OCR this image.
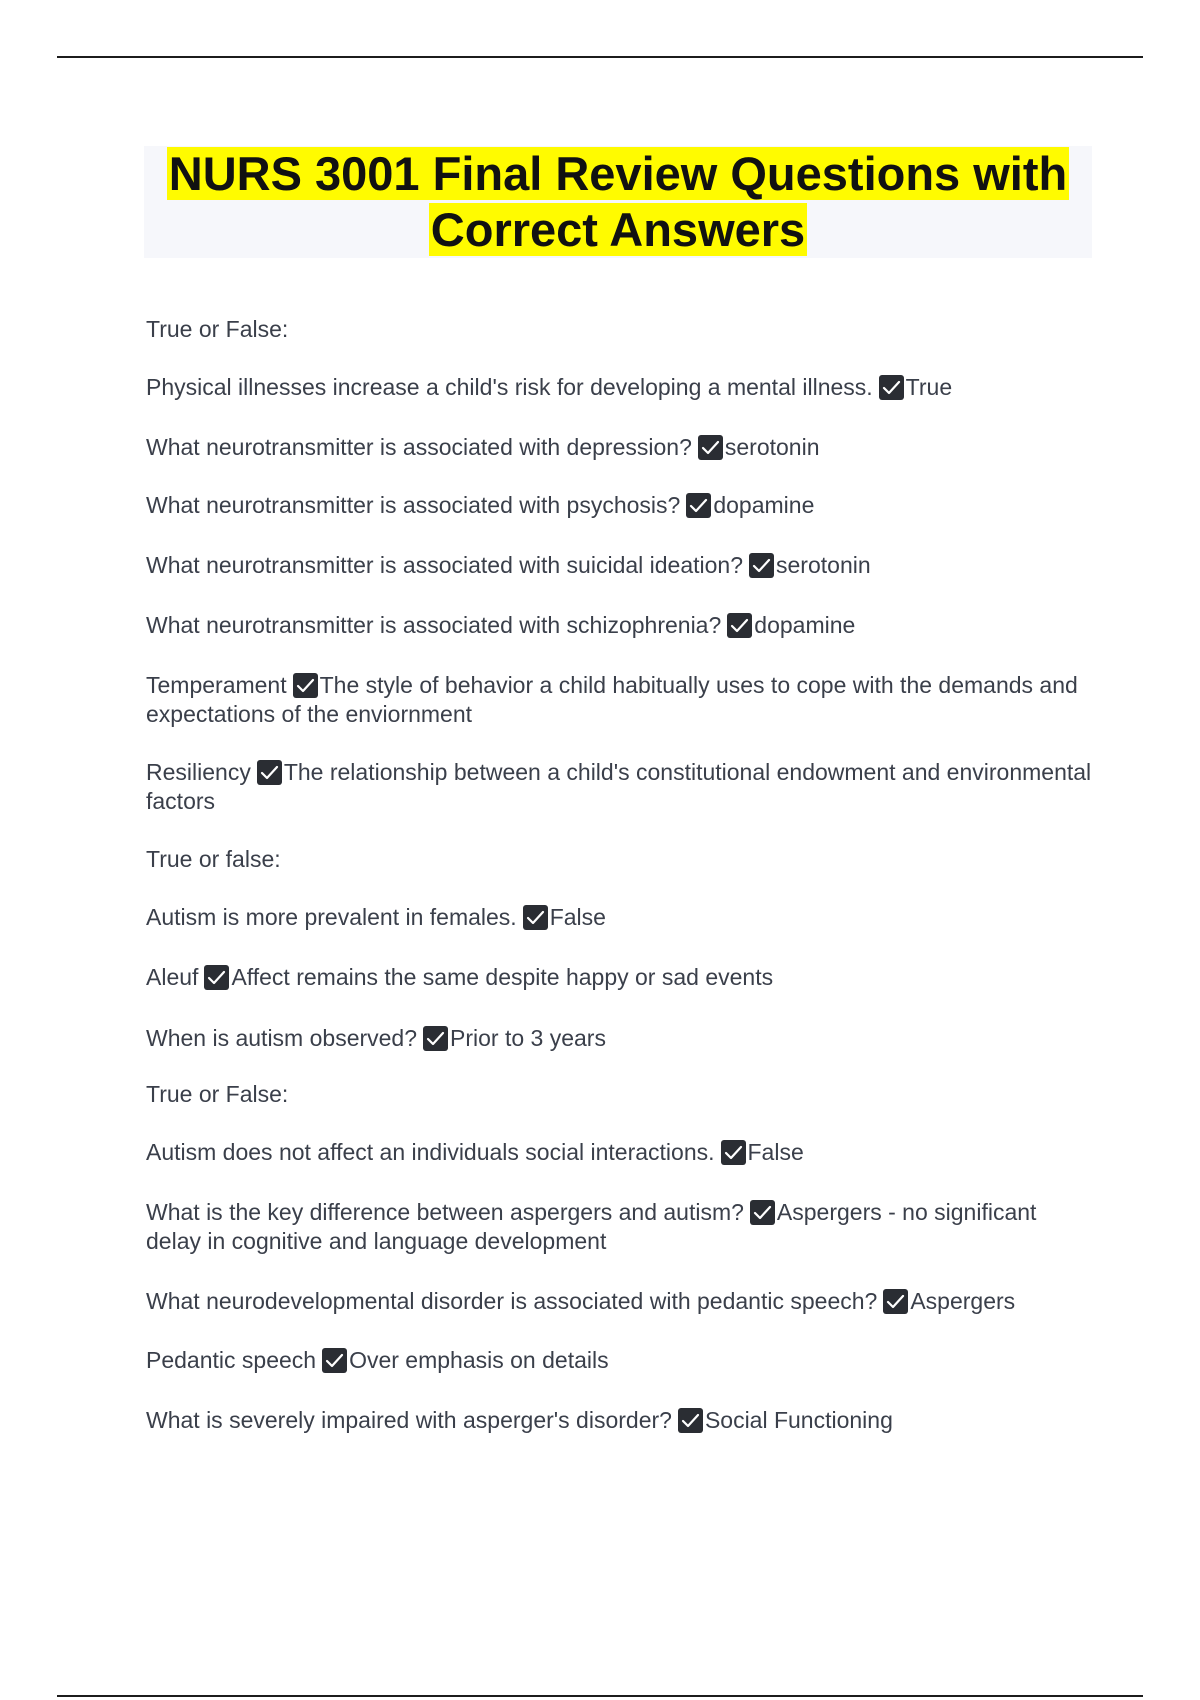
NURS 3001 Final Review Questions with
Correct Answers
True or False:
Physical illnesses increase a child's risk for developing a mental illness. True
What neurotransmitter is associated with depression? serotonin
What neurotransmitter is associated with psychosis? dopamine
What neurotransmitter is associated with suicidal ideation? serotonin
What neurotransmitter is associated with schizophrenia? dopamine
Temperament The style of behavior a child habitually uses to cope with the demands and expectations of the enviornment
Resiliency The relationship between a child's constitutional endowment and environmental factors
True or false:
Autism is more prevalent in females. False
Aleuf Affect remains the same despite happy or sad events
When is autism observed? Prior to 3 years
True or False:
Autism does not affect an individuals social interactions. False
What is the key difference between aspergers and autism? Aspergers - no significant delay in cognitive and language development
What neurodevelopmental disorder is associated with pedantic speech? Aspergers
Pedantic speech Over emphasis on details
What is severely impaired with asperger's disorder? Social Functioning
